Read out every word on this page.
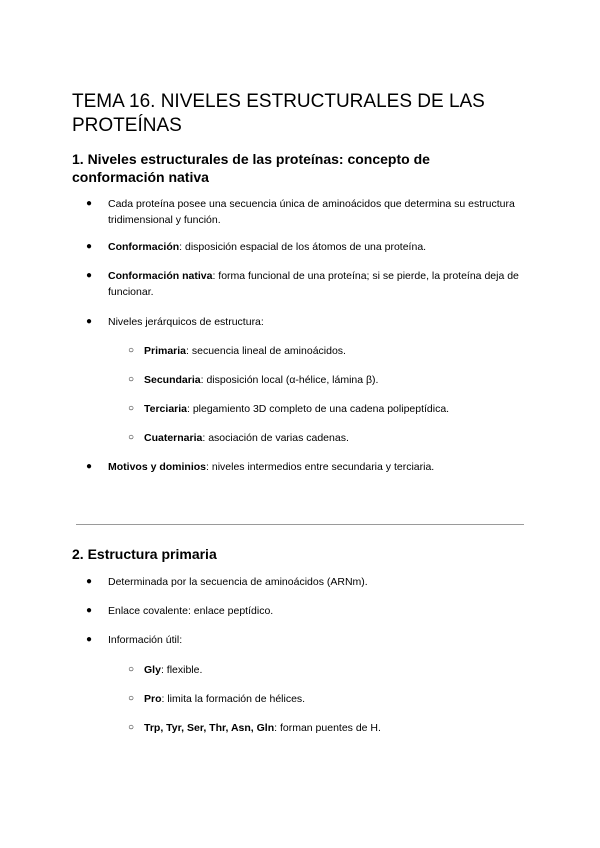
TEMA 16. NIVELES ESTRUCTURALES DE LAS PROTEÍNAS
1. Niveles estructurales de las proteínas: concepto de conformación nativa
● Cada proteína posee una secuencia única de aminoácidos que determina su estructura tridimensional y función.
● Conformación: disposición espacial de los átomos de una proteína.
● Conformación nativa: forma funcional de una proteína; si se pierde, la proteína deja de funcionar.
● Niveles jerárquicos de estructura:
○ Primaria: secuencia lineal de aminoácidos.
○ Secundaria: disposición local (α-hélice, lámina β).
○ Terciaria: plegamiento 3D completo de una cadena polipeptídica.
○ Cuaternaria: asociación de varias cadenas.
● Motivos y dominios: niveles intermedios entre secundaria y terciaria.
2. Estructura primaria
● Determinada por la secuencia de aminoácidos (ARNm).
● Enlace covalente: enlace peptídico.
● Información útil:
○ Gly: flexible.
○ Pro: limita la formación de hélices.
○ Trp, Tyr, Ser, Thr, Asn, Gln: forman puentes de H.
